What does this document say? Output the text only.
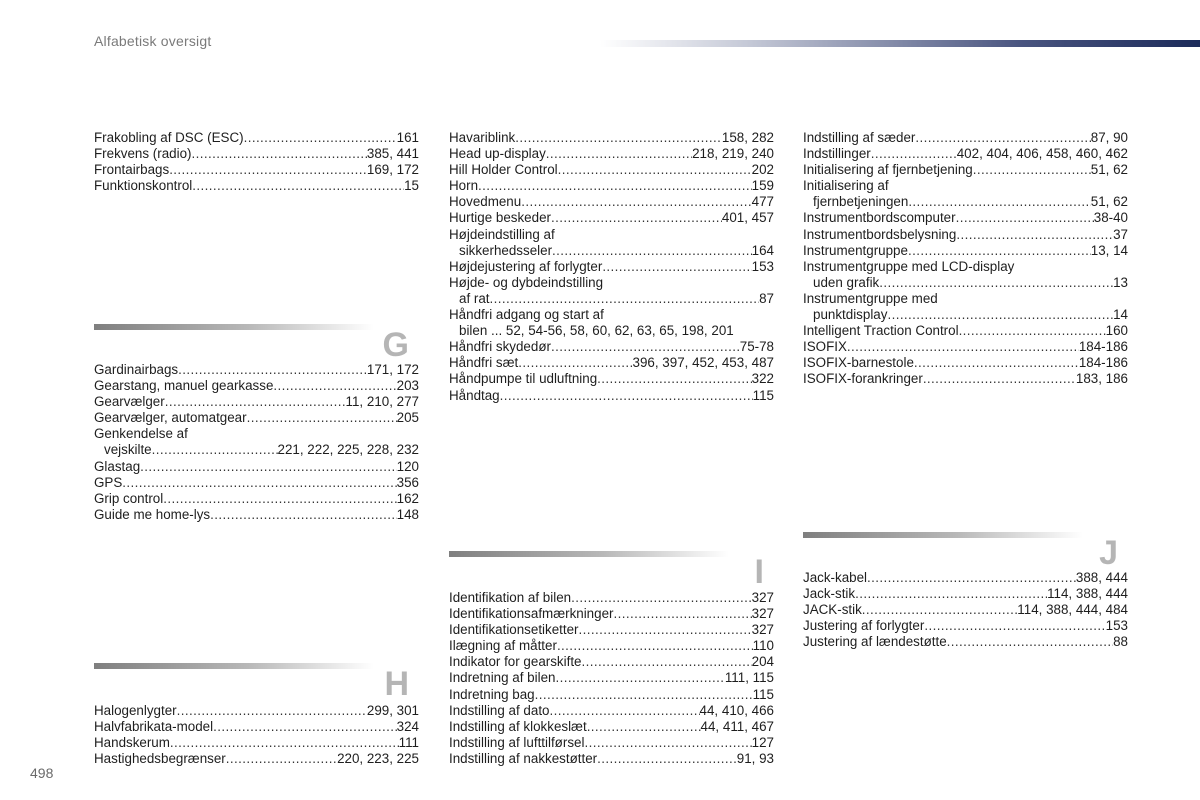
Alfabetisk oversigt
Frakobling af DSC (ESC) .....	161
Frekvens (radio) .....	385, 441
Frontairbags .....	169, 172
Funktionskontrol .....	15
Havariblink .....	158, 282
Head up-display .....	218, 219, 240
Hill Holder Control .....	202
Horn .....	159
Hovedmenu .....	477
Hurtige beskeder .....	401, 457
Højdeindstilling af
sikkerhedsseler .....	164
Højdejustering af forlygter .....	153
Højde- og dybdeindstilling
af rat .....	87
Håndfri adgang og start af
bilen ... 52, 54-56, 58, 60, 62, 63, 65, 198, 201
Håndfri skydedør .....	75-78
Håndfri sæt .....	396, 397, 452, 453, 487
Håndpumpe til udluftning .....	322
Håndtag .....	115
Indstilling af sæder .....	87, 90
Indstillinger .....	402, 404, 406, 458, 460, 462
Initialisering af fjernbetjening .....	51, 62
Initialisering af
fjernbetjeningen .....	51, 62
Instrumentbordscomputer .....	38-40
Instrumentbordsbelysning .....	37
Instrumentgruppe .....	13, 14
Instrumentgruppe med LCD-display
uden grafik .....	13
Instrumentgruppe med
punktdisplay .....	14
Intelligent Traction Control .....	160
ISOFIX .....	184-186
ISOFIX-barnestole .....	184-186
ISOFIX-forankringer .....	183, 186
G
Gardinairbags .....	171, 172
Gearstang, manuel gearkasse .....	203
Gearvælger .....	11, 210, 277
Gearvælger, automatgear .....	205
Genkendelse af
vejskilte .....	221, 222, 225, 228, 232
Glastag .....	120
GPS .....	356
Grip control .....	162
Guide me home-lys .....	148
H
Halogenlygter .....	299, 301
Halvfabrikata-model .....	324
Handskerum .....	111
Hastighedsbegrænser .....	220, 223, 225
I
Identifikation af bilen .....	327
Identifikationsafmærkninger .....	327
Identifikationsetiketter .....	327
Ilægning af måtter .....	110
Indikator for gearskifte .....	204
Indretning af bilen .....	111, 115
Indretning bag .....	115
Indstilling af dato .....	44, 410, 466
Indstilling af klokkeslæt .....	44, 411, 467
Indstilling af lufttilførsel .....	127
Indstilling af nakkestøtter .....	91, 93
J
Jack-kabel .....	388, 444
Jack-stik .....	114, 388, 444
JACK-stik .....	114, 388, 444, 484
Justering af forlygter .....	153
Justering af lændestøtte .....	88
498
